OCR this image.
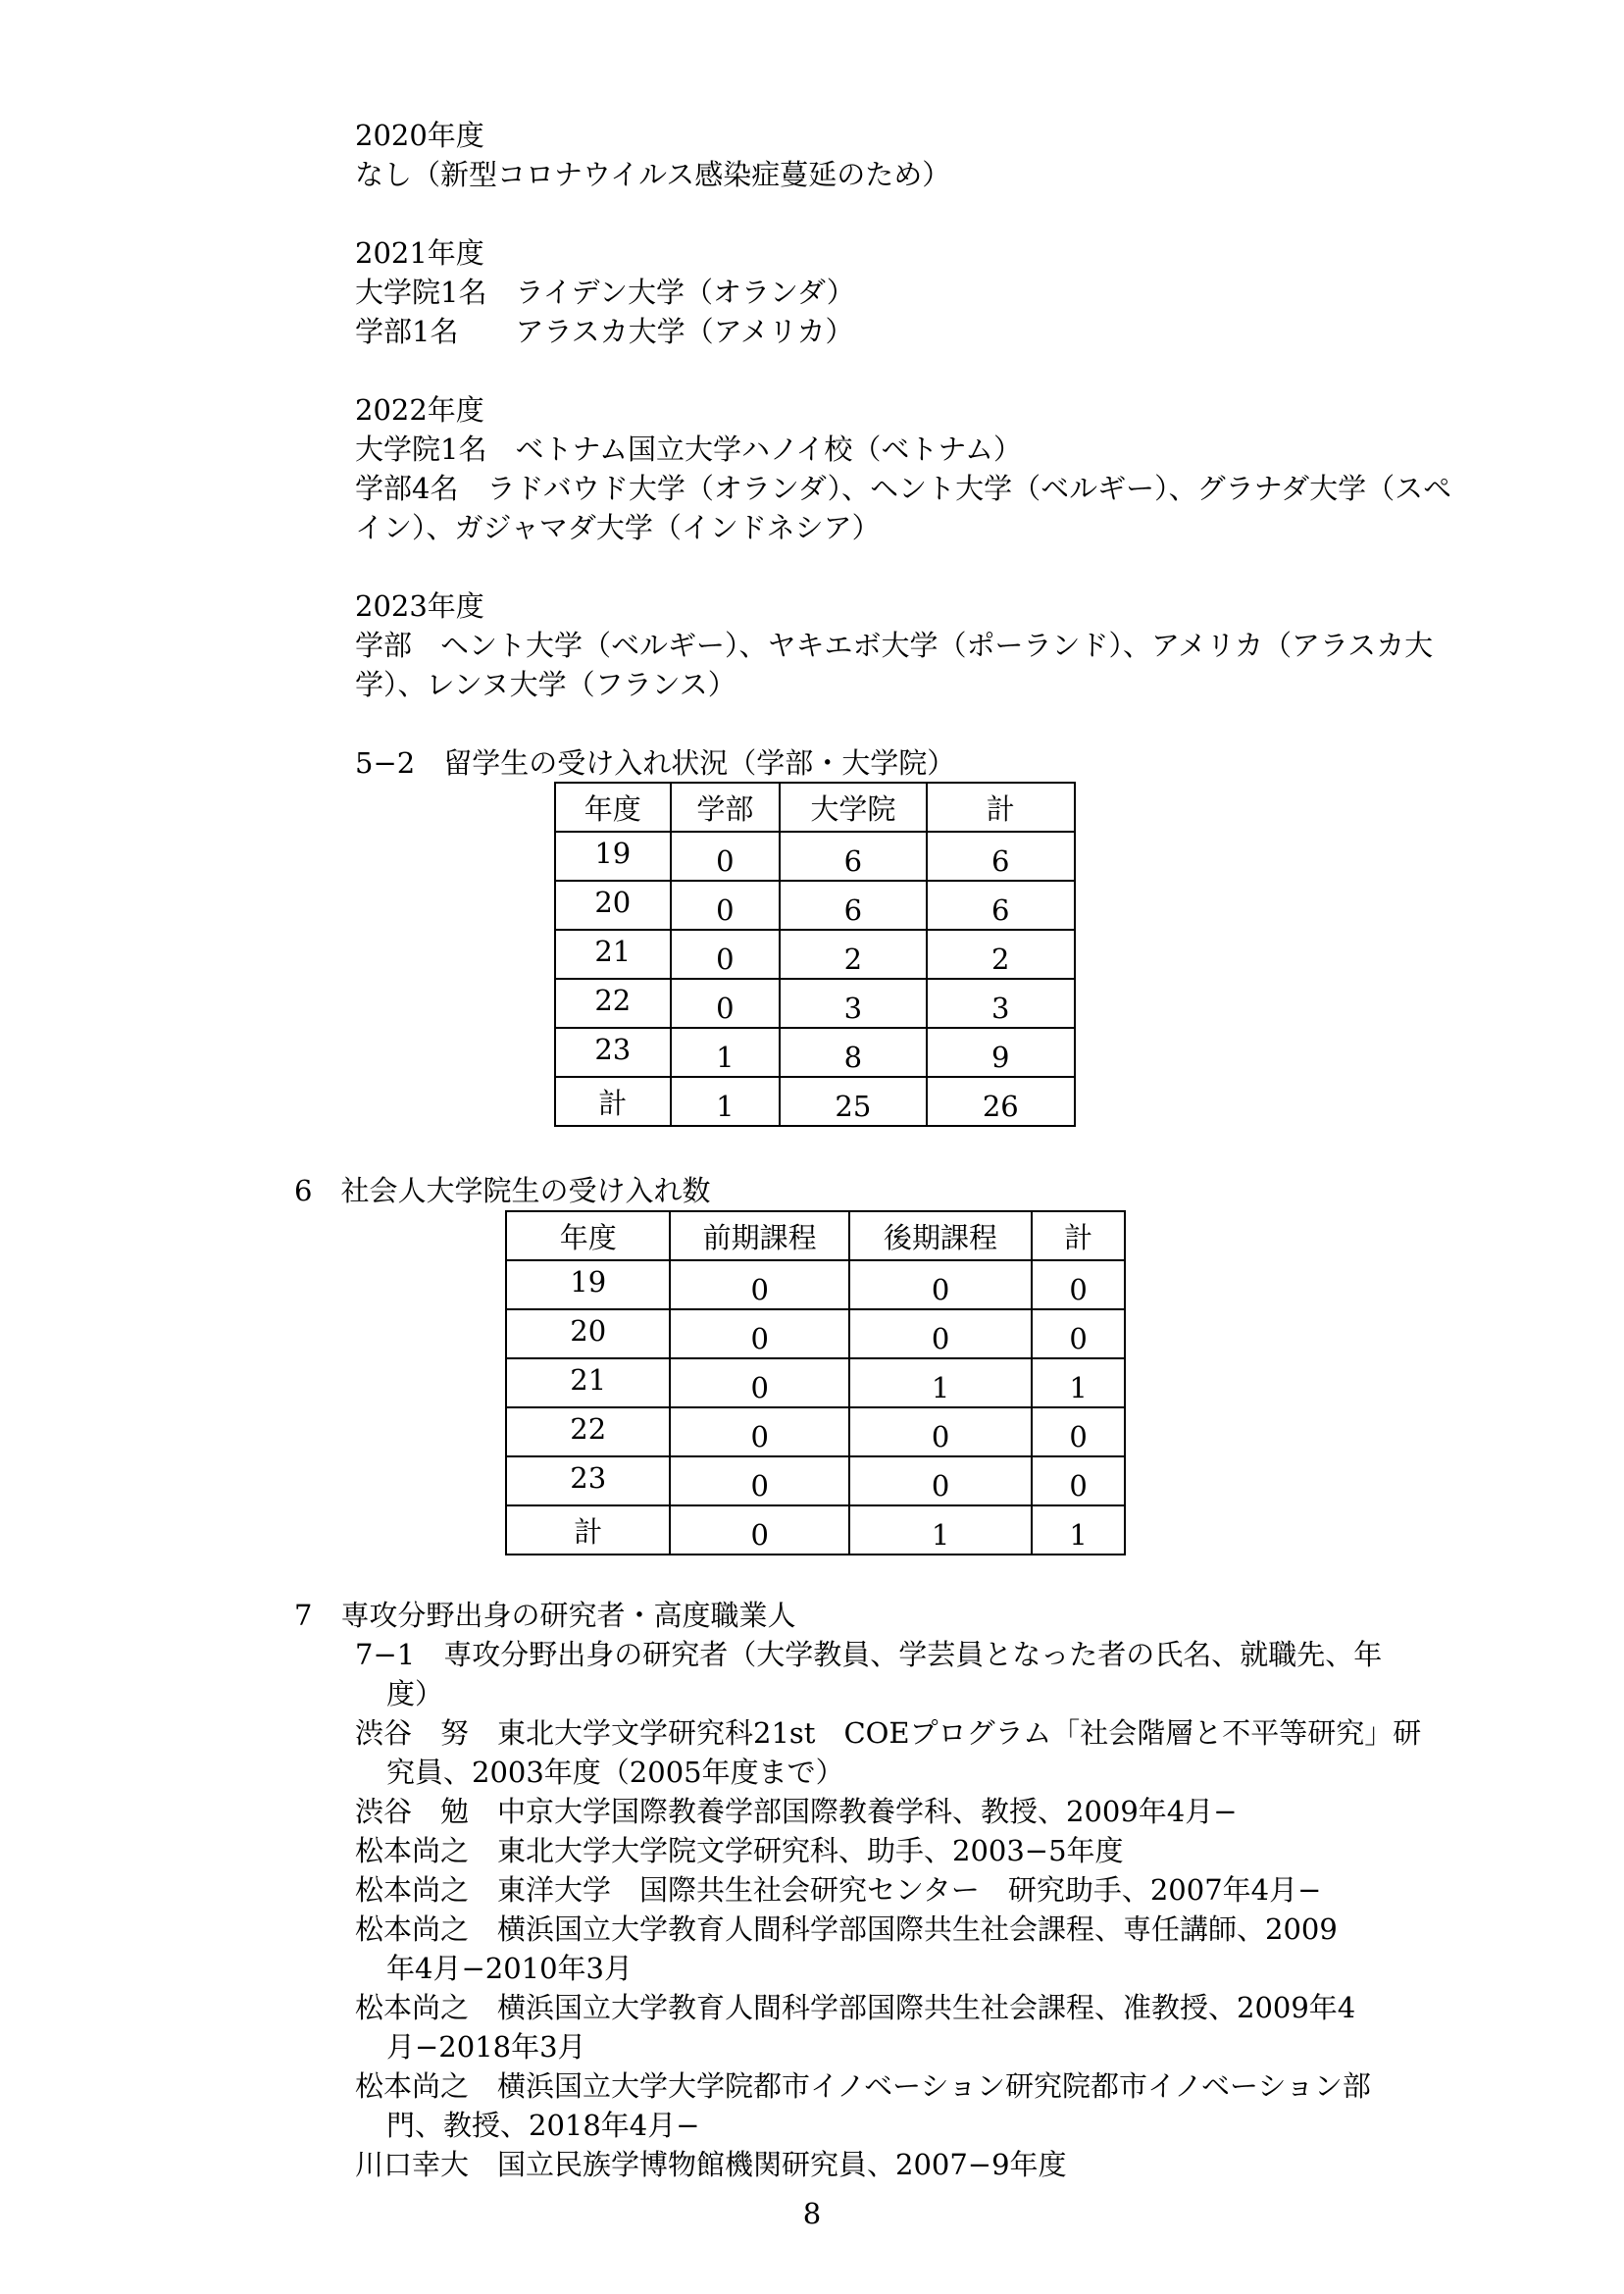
2020年度
なし（新型コロナウイルス感染症蔓延のため）
2021年度
大学院1名　ライデン大学（オランダ）
学部1名　　アラスカ大学（アメリカ）
2022年度
大学院1名　ベトナム国立大学ハノイ校（ベトナム）
学部4名　ラドバウド大学（オランダ）、ヘント大学（ベルギー）、グラナダ大学（スペ
イン）、ガジャマダ大学（インドネシア）
2023年度
学部　ヘント大学（ベルギー）、ヤキエボ大学（ポーランド）、アメリカ（アラスカ大
学）、レンヌ大学（フランス）
5−2　留学生の受け入れ状況（学部・大学院）
年度	学部	大学院	計
19	0	6	6
20	0	6	6
21	0	2	2
22	0	3	3
23	1	8	9
計	1	25	26
6　社会人大学院生の受け入れ数
年度	前期課程	後期課程	計
19	0	0	0
20	0	0	0
21	0	1	1
22	0	0	0
23	0	0	0
計	0	1	1
7　専攻分野出身の研究者・高度職業人
7−1　専攻分野出身の研究者（大学教員、学芸員となった者の氏名、就職先、年
度）
渋谷　努　東北大学文学研究科21st　COEプログラム「社会階層と不平等研究」研
究員、2003年度（2005年度まで）
渋谷　勉　中京大学国際教養学部国際教養学科、教授、2009年4月−
松本尚之　東北大学大学院文学研究科、助手、2003−5年度
松本尚之　東洋大学　国際共生社会研究センター　研究助手、2007年4月−
松本尚之　横浜国立大学教育人間科学部国際共生社会課程、専任講師、2009
年4月−2010年3月
松本尚之　横浜国立大学教育人間科学部国際共生社会課程、准教授、2009年4
月−2018年3月
松本尚之　横浜国立大学大学院都市イノベーション研究院都市イノベーション部
門、教授、2018年4月−
川口幸大　国立民族学博物館機関研究員、2007−9年度
8
